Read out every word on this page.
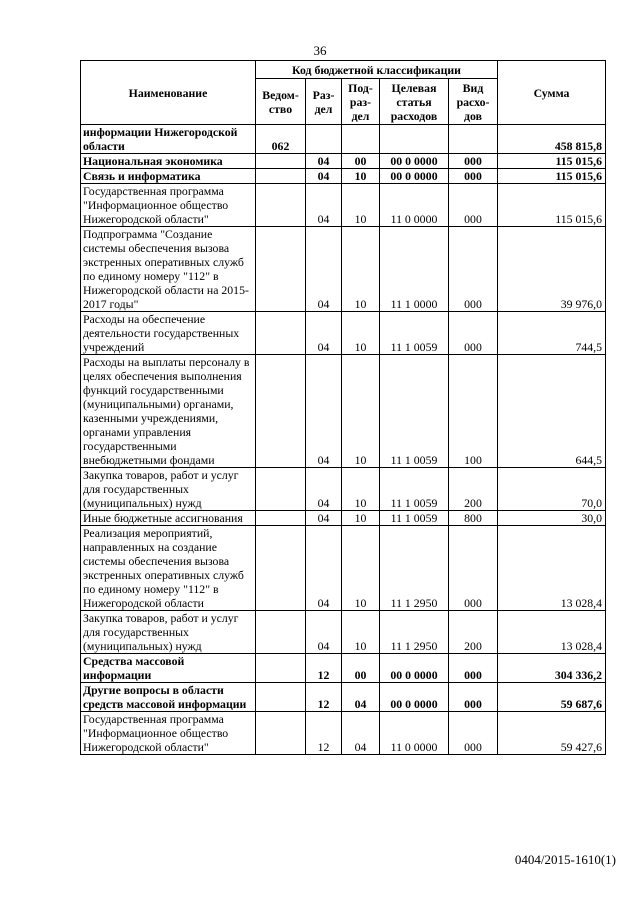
36
Наименование	Код бюджетной классификации					Сумма
	Ведом-ство	Раз-дел	Под-раз-дел	Целевая статья расходов	Вид расхо-дов	
информации Нижегородской области	062					458 815,8
Национальная экономика		04	00	00 0 0000	000	115 015,6
Связь и информатика		04	10	00 0 0000	000	115 015,6
Государственная программа "Информационное общество Нижегородской области"		04	10	11 0 0000	000	115 015,6
Подпрограмма "Создание системы обеспечения вызова экстренных оперативных служб по единому номеру "112" в Нижегородской области на 2015-2017 годы"		04	10	11 1 0000	000	39 976,0
Расходы на обеспечение деятельности государственных учреждений		04	10	11 1 0059	000	744,5
Расходы на выплаты персоналу в целях обеспечения выполнения функций государственными (муниципальными) органами, казенными учреждениями, органами управления государственными внебюджетными фондами		04	10	11 1 0059	100	644,5
Закупка товаров, работ и услуг для государственных (муниципальных) нужд		04	10	11 1 0059	200	70,0
Иные бюджетные ассигнования		04	10	11 1 0059	800	30,0
Реализация мероприятий, направленных на создание системы обеспечения вызова экстренных оперативных служб по единому номеру "112" в Нижегородской области		04	10	11 1 2950	000	13 028,4
Закупка товаров, работ и услуг для государственных (муниципальных) нужд		04	10	11 1 2950	200	13 028,4
Средства массовой информации		12	00	00 0 0000	000	304 336,2
Другие вопросы в области средств массовой информации		12	04	00 0 0000	000	59 687,6
Государственная программа "Информационное общество Нижегородской области"		12	04	11 0 0000	000	59 427,6
0404/2015-1610(1)
